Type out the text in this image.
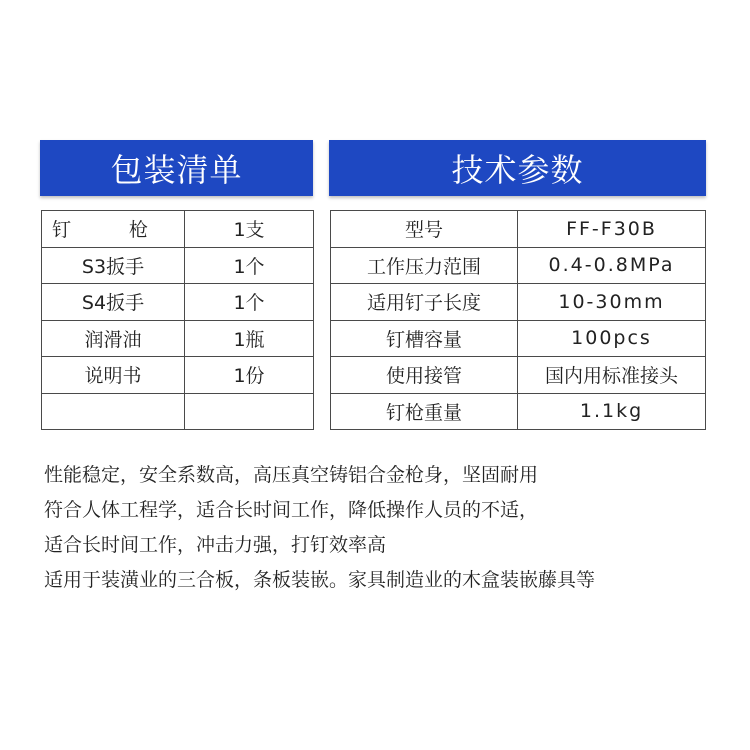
包装清单	技术参数
钉 枪	1支
S3扳手	1个
S4扳手	1个
润滑油	1瓶
说明书	1份

型号	FF-F30B
工作压力范围	0.4-0.8MPa
适用钉子长度	10-30mm
钉槽容量	100pcs
使用接管	国内用标准接头
钉枪重量	1.1kg
性能稳定，安全系数高，高压真空铸铝合金枪身，坚固耐用
符合人体工程学，适合长时间工作，降低操作人员的不适，
适合长时间工作，冲击力强，打钉效率高
适用于装潢业的三合板，条板装嵌。家具制造业的木盒装嵌藤具等
